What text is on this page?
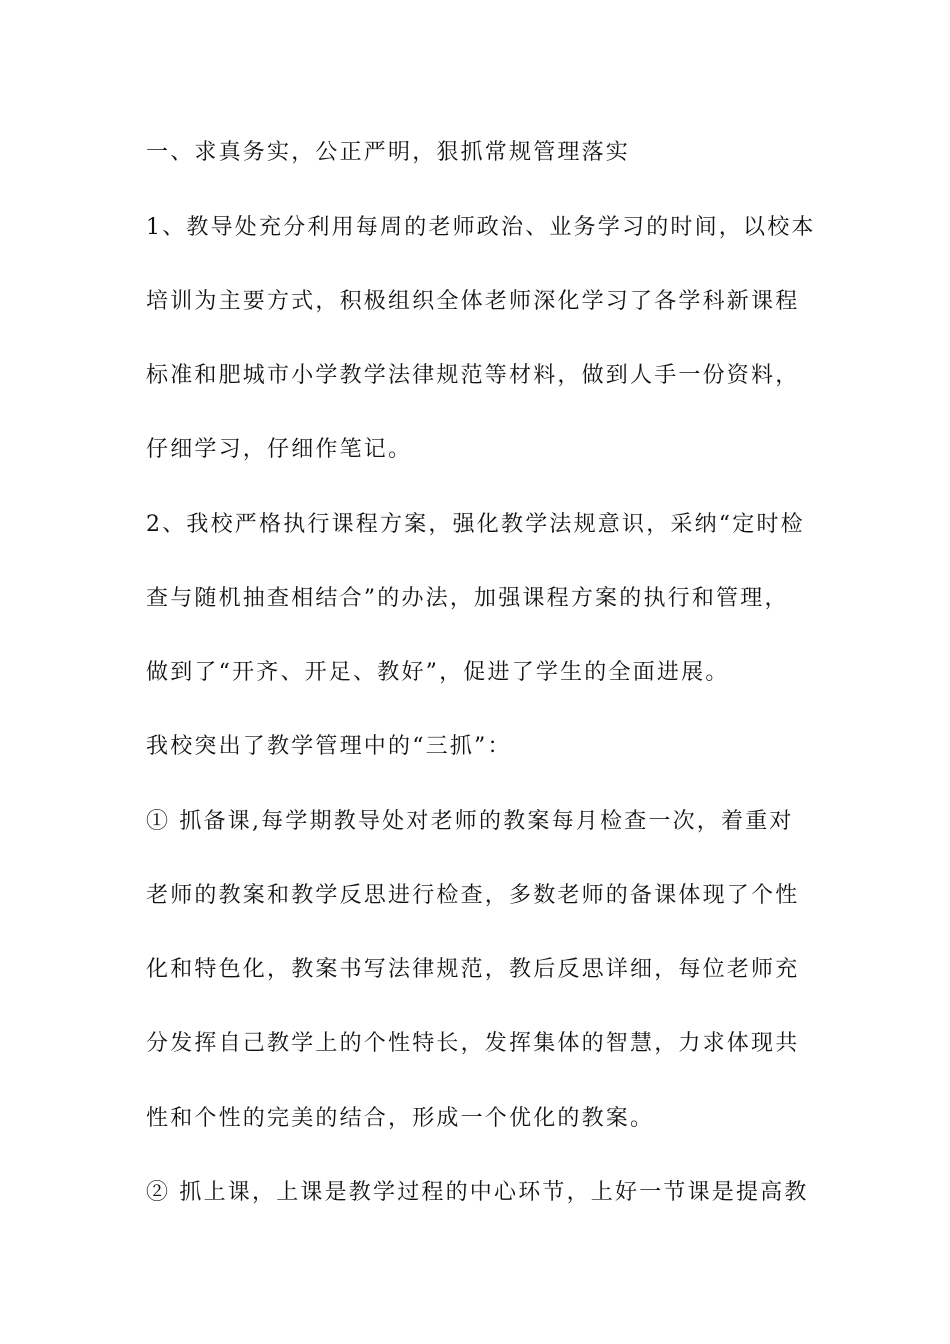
一、求真务实，公正严明，狠抓常规管理落实
1、教导处充分利用每周的老师政治、业务学习的时间，以校本
培训为主要方式，积极组织全体老师深化学习了各学科新课程
标准和肥城市小学教学法律规范等材料，做到人手一份资料，
仔细学习，仔细作笔记。
2、我校严格执行课程方案，强化教学法规意识，采纳“定时检
查与随机抽查相结合”的办法，加强课程方案的执行和管理，
做到了“开齐、开足、教好”，促进了学生的全面进展。
我校突出了教学管理中的“三抓”：
① 抓备课,每学期教导处对老师的教案每月检查一次，着重对
老师的教案和教学反思进行检查，多数老师的备课体现了个性
化和特色化，教案书写法律规范，教后反思详细，每位老师充
分发挥自己教学上的个性特长，发挥集体的智慧，力求体现共
性和个性的完美的结合，形成一个优化的教案。
② 抓上课，上课是教学过程的中心环节，上好一节课是提高教
